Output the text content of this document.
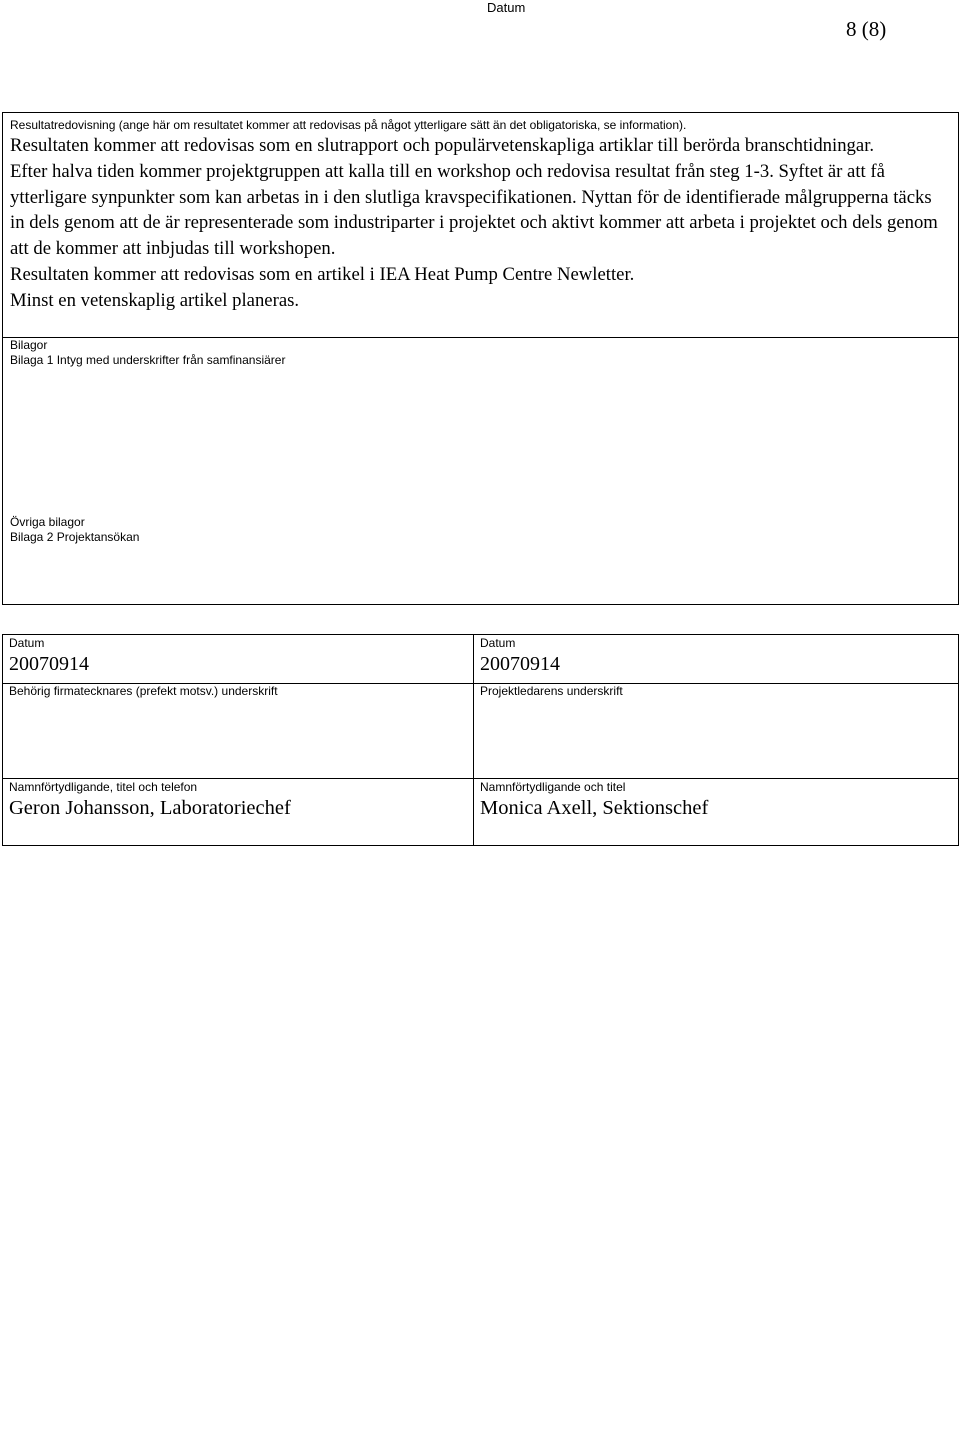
Datum
8 (8)
Resultatredovisning (ange här om resultatet kommer att redovisas på något ytterligare sätt än det obligatoriska, se information).

Resultaten kommer att redovisas som en slutrapport och populärvetenskapliga artiklar till berörda branschtidningar.

Efter halva tiden kommer projektgruppen att kalla till en workshop och redovisa resultat från steg 1-3. Syftet är att få ytterligare synpunkter som kan arbetas in i den slutliga kravspecifikationen. Nyttan för de identifierade målgrupperna täcks in dels genom att de är representerade som industriparter i projektet och aktivt kommer att arbeta i projektet och dels genom att de kommer att inbjudas till workshopen.

Resultaten kommer att redovisas som en artikel i IEA Heat Pump Centre Newletter.

Minst en vetenskaplig artikel planeras.

Bilagor
Bilaga 1 Intyg med underskrifter från samfinansiärer
Övriga bilagor
Bilaga 2 Projektansökan
Datum
20070914
Behörig firmatecknares (prefekt motsv.) underskrift
Namnförtydligande, titel och telefon
Geron Johansson, Laboratoriechef
Datum
20070914
Projektledarens underskrift
Namnförtydligande och titel
Monica Axell, Sektionschef
